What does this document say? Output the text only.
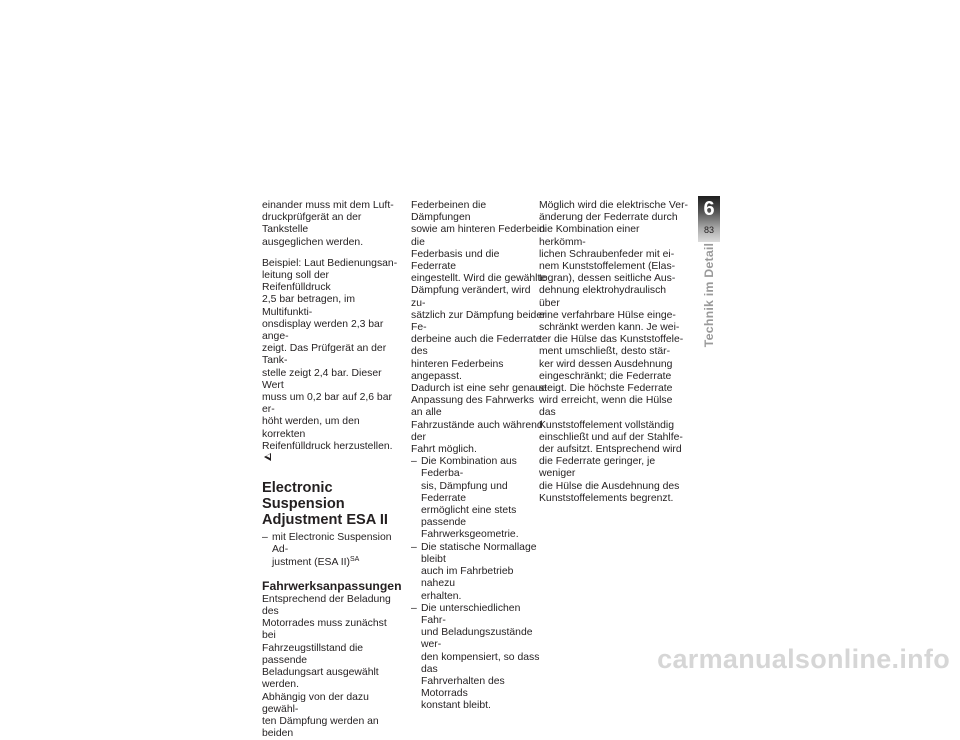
einander muss mit dem Luft-
druckprüfgerät an der Tankstelle
ausgeglichen werden.

Beispiel: Laut Bedienungsan-
leitung soll der Reifenfülldruck
2,5 bar betragen, im Multifunkti-
onsdisplay werden 2,3 bar ange-
zeigt. Das Prüfgerät an der Tank-
stelle zeigt 2,4 bar. Dieser Wert
muss um 0,2 bar auf 2,6 bar er-
höht werden, um den korrekten
Reifenfülldruck herzustellen.

Electronic Suspension
Adjustment ESA II
– mit Electronic Suspension Ad-
justment (ESA II)$^{SA}$
Fahrwerksanpassungen

Entsprechend der Beladung des
Motorrades muss zunächst bei
Fahrzeugstillstand die passende
Beladungsart ausgewählt werden.
Abhängig von der dazu gewähl-
ten Dämpfung werden an beiden

Federbeinen die Dämpfungen
sowie am hinteren Federbein die
Federbasis und die Federrate
eingestellt. Wird die gewählte
Dämpfung verändert, wird zu-
sätzlich zur Dämpfung beider Fe-
derbeine auch die Federrate des
hinteren Federbeins angepasst.
Dadurch ist eine sehr genaue
Anpassung des Fahrwerks an alle
Fahrzustände auch während der
Fahrt möglich.

– Die Kombination aus Federba-
sis, Dämpfung und Federrate
ermöglicht eine stets passende
Fahrwerksgeometrie.
– Die statische Normallage bleibt
auch im Fahrbetrieb nahezu
erhalten.
– Die unterschiedlichen Fahr-
und Beladungszustände wer-
den kompensiert, so dass das
Fahrverhalten des Motorrads
konstant bleibt.

Möglich wird die elektrische Ver-
änderung der Federrate durch
die Kombination einer herkömm-
lichen Schraubenfeder mit ei-
nem Kunststoffelement (Elas-
togran), dessen seitliche Aus-
dehnung elektrohydraulisch über
eine verfahrbare Hülse einge-
schränkt werden kann. Je wei-
ter die Hülse das Kunststoffele-
ment umschließt, desto stär-
ker wird dessen Ausdehnung
eingeschränkt; die Federrate
steigt. Die höchste Federrate
wird erreicht, wenn die Hülse das
Kunststoffelement vollständig
einschließt und auf der Stahlfe-
der aufsitzt. Entsprechend wird
die Federrate geringer, je weniger
die Hülse die Ausdehnung des
Kunststoffelements begrenzt.

6
83
Technik im Detail
carmanualsonline.info
